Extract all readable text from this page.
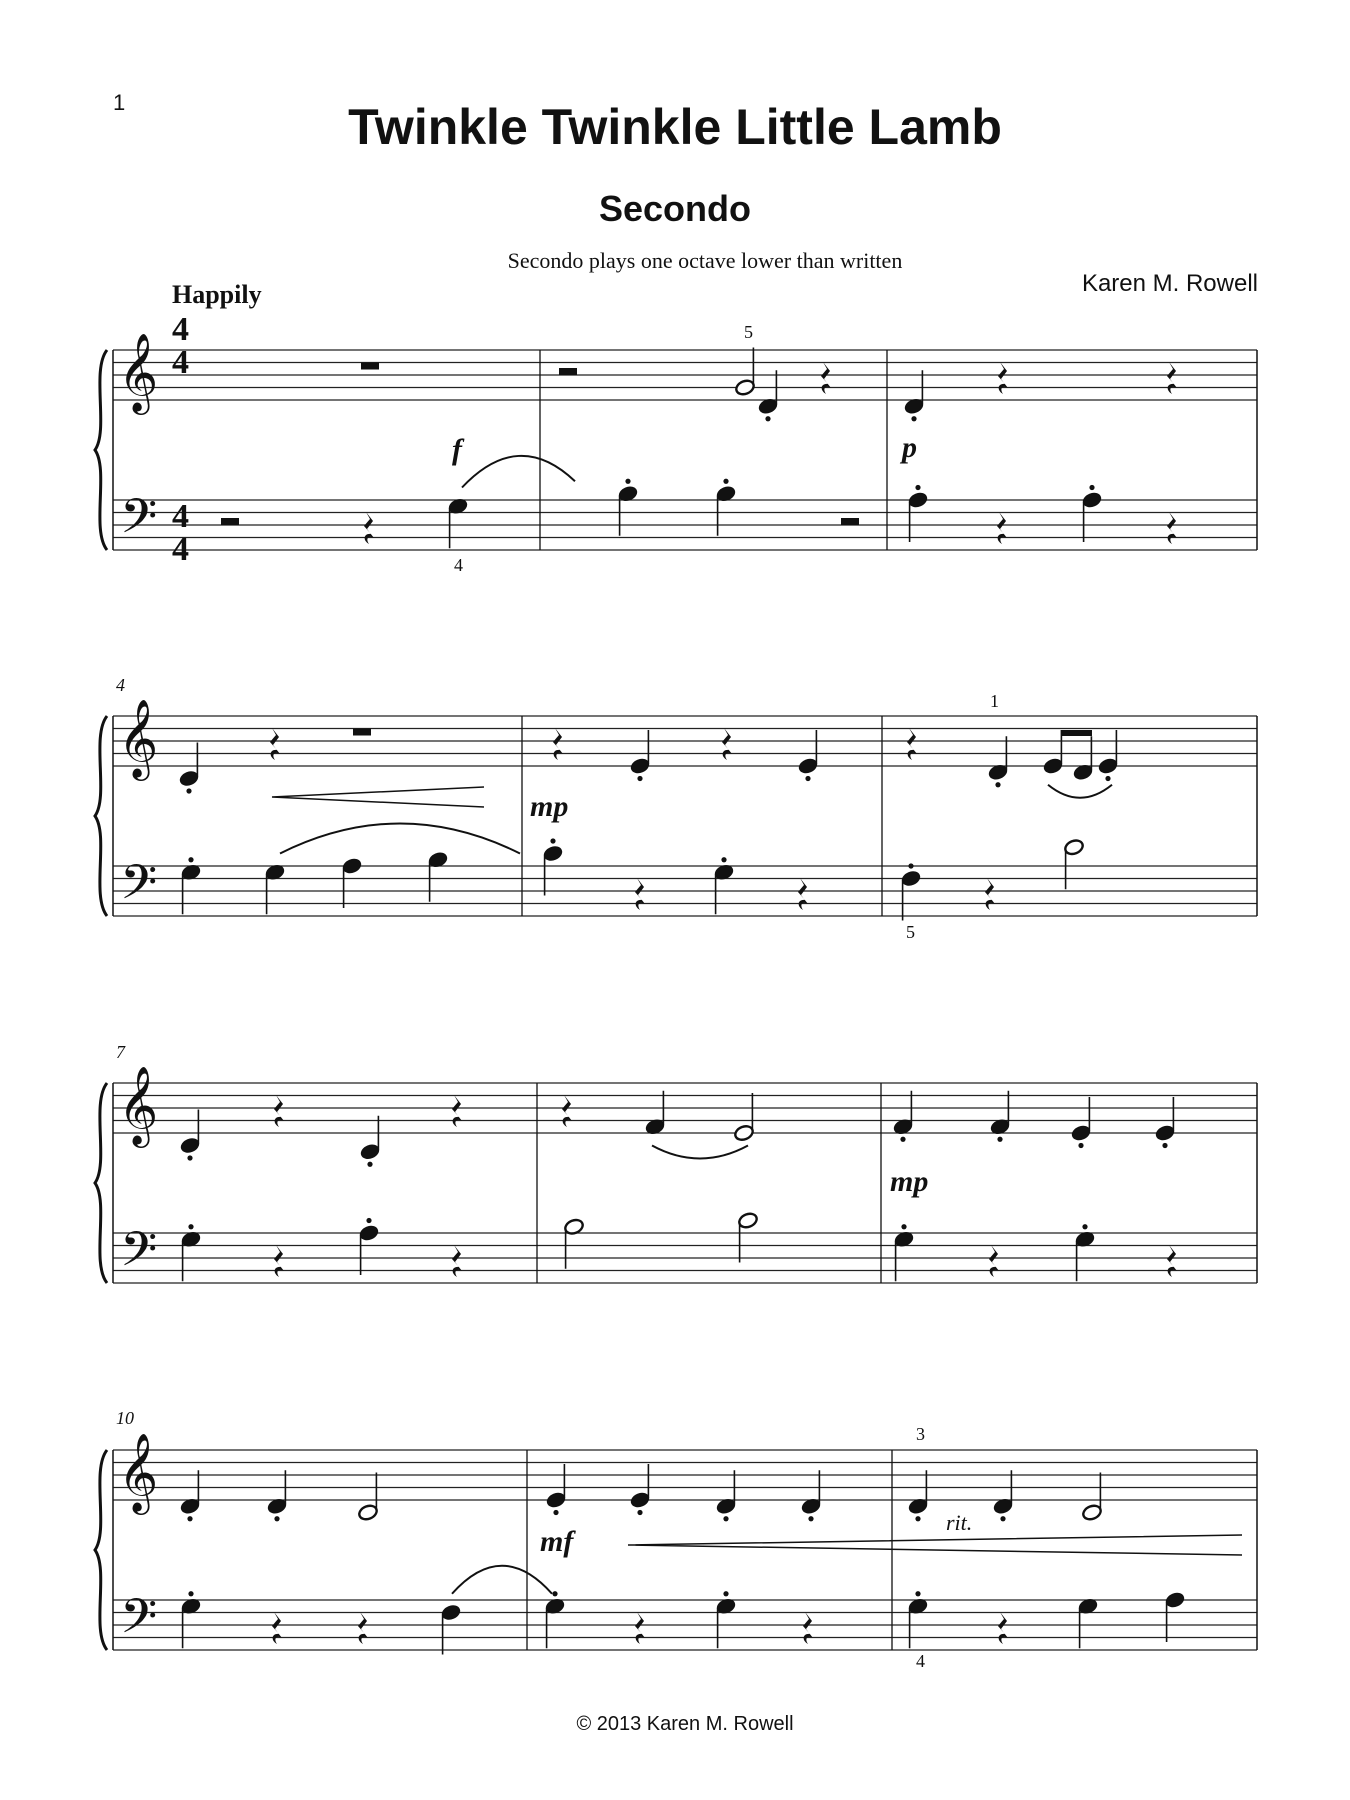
1	Twinkle Twinkle Little Lamb
Secondo
Secondo plays one octave lower than written
Karen M. Rowell
Happily
𝄞
𝄢
𝄞
𝄢
𝄞
𝄢
𝄞
𝄢
4
4
4
4
5
4
f	p
4
1
5
mp
7
mp
10
3
4
mf
rit.
© 2013 Karen M. Rowell
